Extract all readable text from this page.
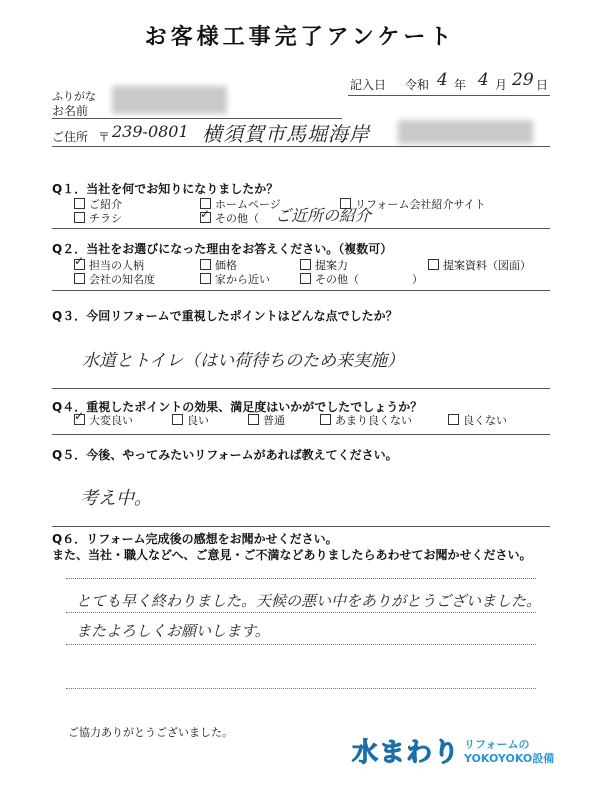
お客様工事完了アンケート
ふりがな
お名前
記入日 令和 4 年 4 月 29 日
ご住所 〒 239-0801 横須賀市馬堀海岸
Q１．当社を何でお知りになりましたか？
ご紹介	ホームページ	リフォーム会社紹介サイト
チラシ
✓	その他（ ご近所の紹介
Q２．当社をお選びになった理由をお答えください。（複数可）
✓担当の人柄	価格	提案力	提案資料（図面）
会社の知名度	家から近い	その他（	）
Q３．今回リフォームで重視したポイントはどんな点でしたか？
水道とトイレ（はい荷待ちのため来実施）
Q４．重視したポイントの効果、満足度はいかがでしたでしょうか？
✓大変良い	良い	普通	あまり良くない	良くない
Q５．今後、やってみたいリフォームがあれば教えてください。
考え中。
Q６．リフォーム完成後の感想をお聞かせください。
また、当社・職人などへ、ご意見・ご不満などありましたらあわせてお聞かせください。
とても早く終わりました。天候の悪い中をありがとうございました。
またよろしくお願いします。
ご協力ありがとうございました。
水まわり リフォームの
YOKOYOKO設備
